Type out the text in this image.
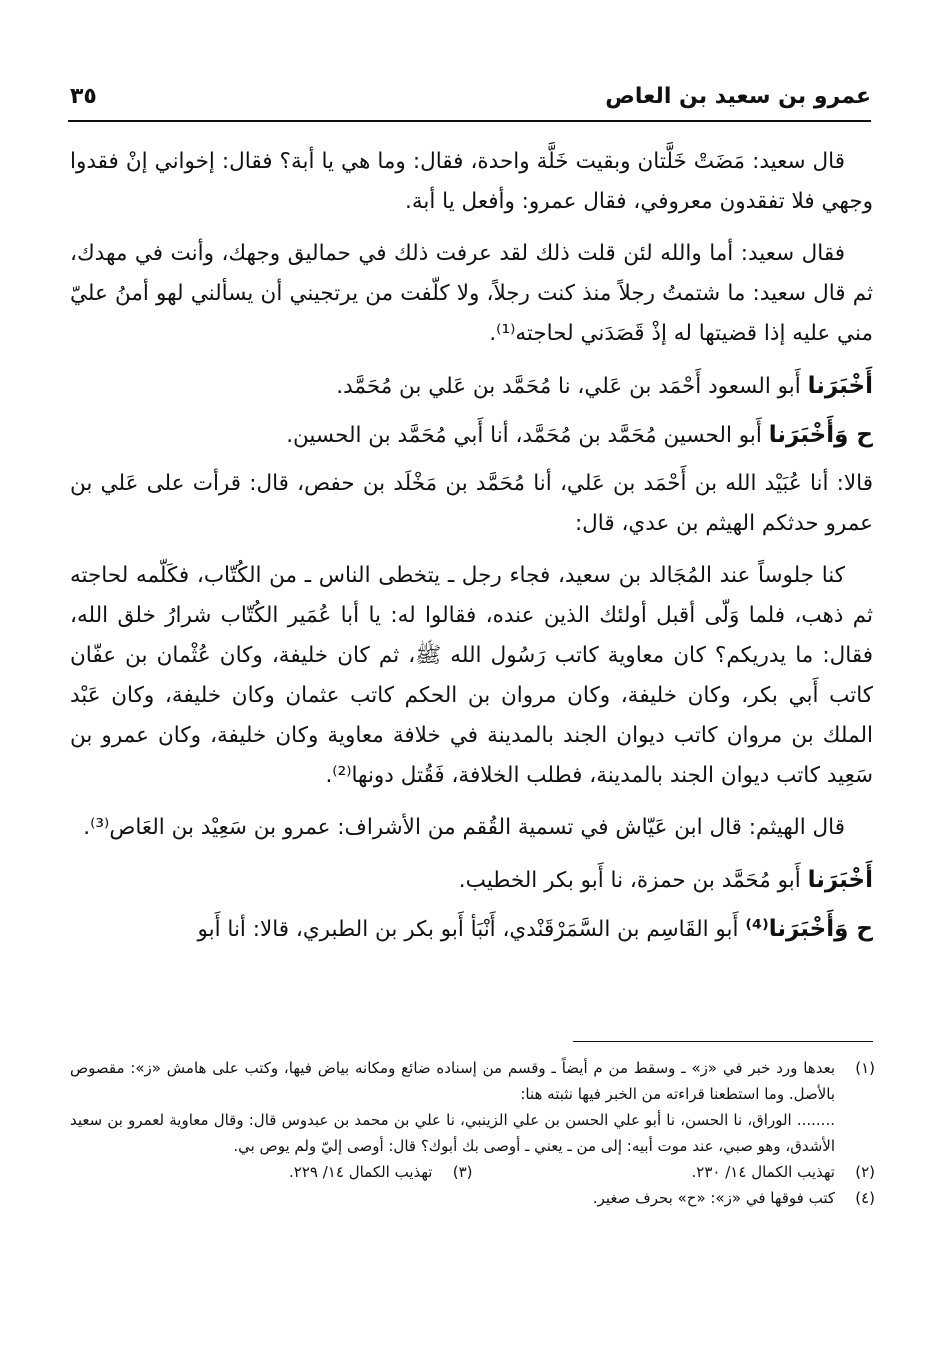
عمرو بن سعيد بن العاص
٣٥

قال سعيد: مَضَتْ خَلَّتان وبقيت خَلَّة واحدة، فقال: وما هي يا أبة؟ فقال: إخواني إنْ فقدوا وجهي فلا تفقدون معروفي، فقال عمرو: وأفعل يا أبة.

فقال سعيد: أما والله لئن قلت ذلك لقد عرفت ذلك في حماليق وجهك، وأنت في مهدك، ثم قال سعيد: ما شتمتُ رجلاً منذ كنت رجلاً، ولا كلّفت من يرتجيني أن يسألني لهو أمنُ عليّ مني عليه إذا قضيتها له إذْ قَصَدَني لحاجته⁽¹⁾.

أَخْبَرَنا أَبو السعود أَحْمَد بن عَلي، نا مُحَمَّد بن عَلي بن مُحَمَّد.

ح وَأَخْبَرَنا أَبو الحسين مُحَمَّد بن مُحَمَّد، أنا أَبي مُحَمَّد بن الحسين.

قالا: أنا عُبَيْد الله بن أَحْمَد بن عَلي، أنا مُحَمَّد بن مَخْلَد بن حفص، قال: قرأت على عَلي بن عمرو حدثكم الهيثم بن عدي، قال:

كنا جلوساً عند المُجَالد بن سعيد، فجاء رجل ـ يتخطى الناس ـ من الكُتّاب، فكَلّمه لحاجته ثم ذهب، فلما وَلّى أقبل أولئك الذين عنده، فقالوا له: يا أبا عُمَير الكُتّاب شرارُ خلق الله، فقال: ما يدريكم؟ كان معاوية كاتب رَسُول الله ﷺ، ثم كان خليفة، وكان عُثْمان بن عفّان كاتب أَبي بكر، وكان خليفة، وكان مروان بن الحكم كاتب عثمان وكان خليفة، وكان عَبْد الملك بن مروان كاتب ديوان الجند بالمدينة في خلافة معاوية وكان خليفة، وكان عمرو بن سَعِيد كاتب ديوان الجند بالمدينة، فطلب الخلافة، فَقُتل دونها⁽²⁾.

قال الهيثم: قال ابن عَيّاش في تسمية القُقم من الأشراف: عمرو بن سَعِيْد بن العَاص⁽³⁾.

أَخْبَرَنا أَبو مُحَمَّد بن حمزة، نا أَبو بكر الخطيب.

ح وَأَخْبَرَنا⁽⁴⁾ أَبو القَاسِم بن السَّمَرْقَنْدي، أَنْبَأ أَبو بكر بن الطبري، قالا: أنا أَبو

(١)
بعدها ورد خبر في «ز» ـ وسقط من م أيضاً ـ وقسم من إسناده ضائع ومكانه بياض فيها، وكتب على هامش «ز»: مقصوص بالأصل. وما استطعنا قراءته من الخبر فيها نثبته هنا:
........ الوراق، نا الحسن، نا أبو علي الحسن بن علي الزينبي، نا علي بن محمد بن عبدوس قال: وقال معاوية لعمرو بن سعيد الأشدق، وهو صبي، عند موت أبيه: إلى من ـ يعني ـ أوصى بك أبوك؟ قال: أوصى إليّ ولم يوص بي.
(٢)
تهذيب الكمال ١٤/ ٢٣٠.
(٣)
تهذيب الكمال ١٤/ ٢٢٩.
(٤)
كتب فوقها في «ز»: «ح» بحرف صغير.
